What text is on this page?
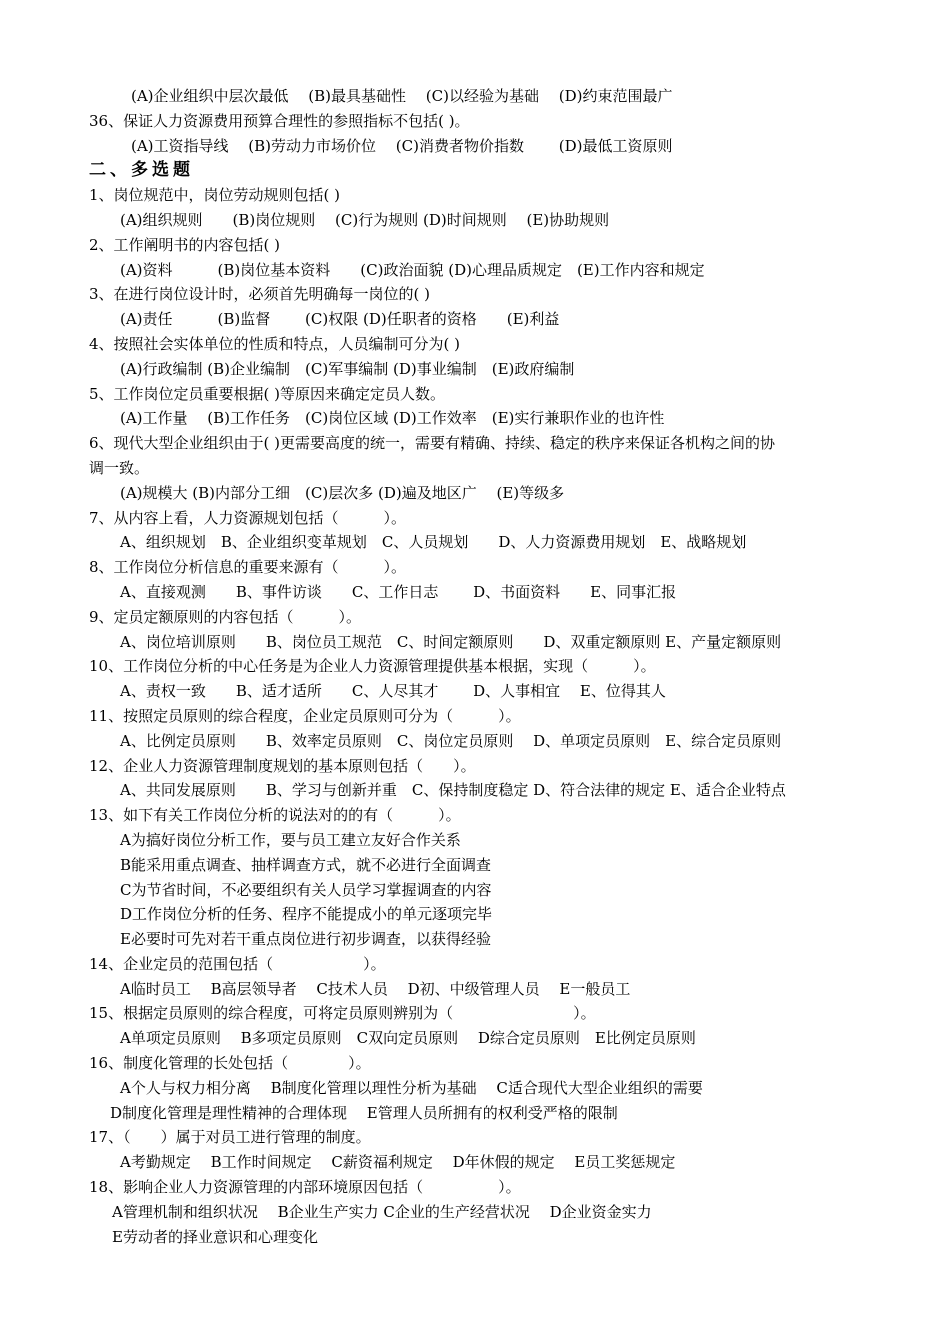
(A)企业组织中层次最低　 (B)最具基础性　 (C)以经验为基础　 (D)约束范围最广
36、保证人力资源费用预算合理性的参照指标不包括( )。
(A)工资指导线　 (B)劳动力市场价位　 (C)消费者物价指数　　 (D)最低工资原则
二、多选题
1、岗位规范中，岗位劳动规则包括( )
(A)组织规则　　(B)岗位规则　 (C)行为规则 (D)时间规则　 (E)协助规则
2、工作阐明书的内容包括( )
(A)资料　　　(B)岗位基本资料　　(C)政治面貌 (D)心理品质规定　(E)工作内容和规定
3、在进行岗位设计时，必须首先明确每一岗位的( )
(A)责任　　　(B)监督　　 (C)权限 (D)任职者的资格　　(E)利益
4、按照社会实体单位的性质和特点，人员编制可分为( )
(A)行政编制 (B)企业编制　(C)军事编制 (D)事业编制　(E)政府编制
5、工作岗位定员重要根据( )等原因来确定定员人数。
(A)工作量　 (B)工作任务　(C)岗位区域 (D)工作效率　(E)实行兼职作业的也许性
6、现代大型企业组织由于( )更需要高度的统一，需要有精确、持续、稳定的秩序来保证各机构之间的协
调一致。
(A)规模大 (B)内部分工细　(C)层次多 (D)遍及地区广　 (E)等级多
7、从内容上看，人力资源规划包括（　　　）。
A、组织规划　B、企业组织变革规划　C、人员规划　　D、人力资源费用规划　E、战略规划
8、工作岗位分析信息的重要来源有（　　　）。
A、直接观测　　B、事件访谈　　C、工作日志　　 D、书面资料　　E、同事汇报
9、定员定额原则的内容包括（　　　）。
A、岗位培训原则　　B、岗位员工规范　C、时间定额原则　　D、双重定额原则 E、产量定额原则
10、工作岗位分析的中心任务是为企业人力资源管理提供基本根据，实现（　　　）。
A、责权一致　　B、适才适所　　C、人尽其才　　 D、人事相宜　 E、位得其人
11、按照定员原则的综合程度，企业定员原则可分为（　　　）。
A、比例定员原则　　B、效率定员原则　C、岗位定员原则　 D、单项定员原则　E、综合定员原则
12、企业人力资源管理制度规划的基本原则包括（　　）。
A、共同发展原则　　B、学习与创新并重　C、保持制度稳定 D、符合法律的规定 E、适合企业特点
13、如下有关工作岗位分析的说法对的的有（　　　）。
A为搞好岗位分析工作，要与员工建立友好合作关系
B能采用重点调查、抽样调查方式，就不必进行全面调查
C为节省时间，不必要组织有关人员学习掌握调查的内容
D工作岗位分析的任务、程序不能提成小的单元逐项完毕
E必要时可先对若干重点岗位进行初步调查，以获得经验
14、企业定员的范围包括（　　　　　　）。
A临时员工　 B高层领导者　 C技术人员　 D初、中级管理人员　 E一般员工
15、根据定员原则的综合程度，可将定员原则辨别为（　　　　　　　　）。
A单项定员原则　 B多项定员原则　C双向定员原则　 D综合定员原则　E比例定员原则
16、制度化管理的长处包括（　　　　）。
A个人与权力相分离　 B制度化管理以理性分析为基础　 C适合现代大型企业组织的需要
D制度化管理是理性精神的合理体现　 E管理人员所拥有的权利受严格的限制
17、（　　）属于对员工进行管理的制度。
A考勤规定　 B工作时间规定　 C薪资福利规定　 D年休假的规定　 E员工奖惩规定
18、影响企业人力资源管理的内部环境原因包括（　　　　　）。
A管理机制和组织状况　 B企业生产实力 C企业的生产经营状况　 D企业资金实力
E劳动者的择业意识和心理变化
